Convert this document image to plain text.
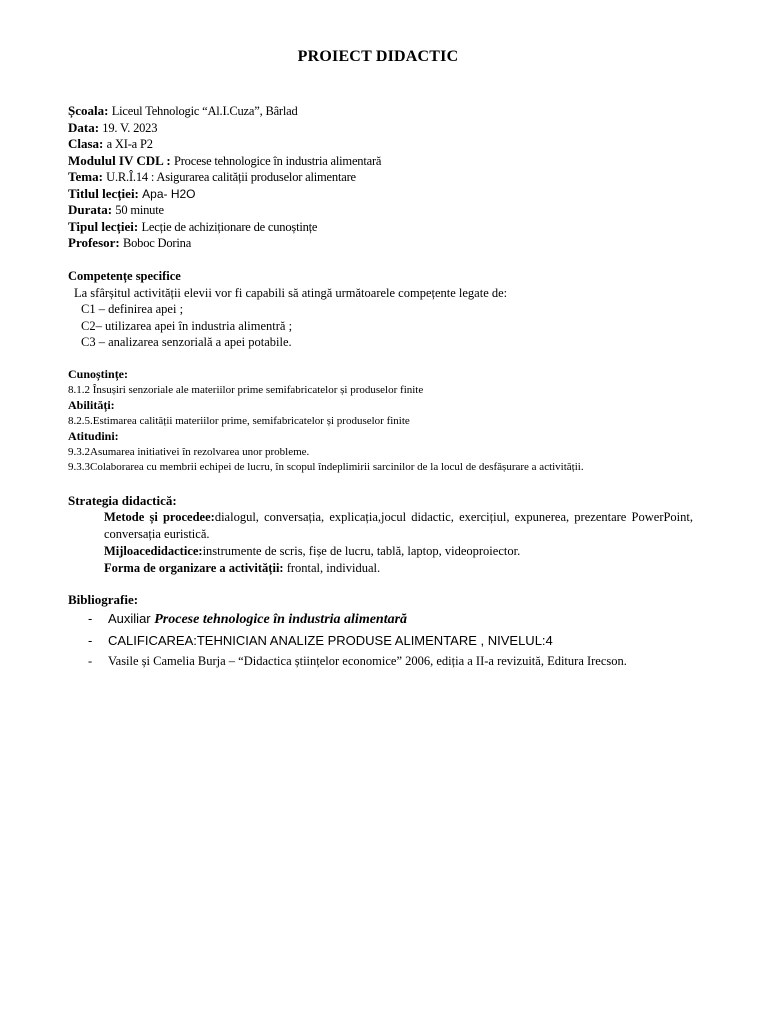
PROIECT DIDACTIC
Școala: Liceul Tehnologic “Al.I.Cuza”, Bârlad
Data: 19. V. 2023
Clasa: a XI-a P2
Modulul IV CDL : Procese tehnologice în industria alimentară
Tema: U.R.Î.14 : Asigurarea calității produselor alimentare
Titlul lecției: Apa- H2O
Durata: 50 minute
Tipul lecției: Lecție de achiziționare de cunoștințe
Profesor: Boboc Dorina
Competențe specifice
La sfârșitul activității elevii vor fi capabili să atingă următoarele compețente legate de:
C1 – definirea apei ;
C2– utilizarea apei în industria alimentră ;
C3 – analizarea senzorială a apei potabile.
Cunoștințe:
8.1.2 Însușiri senzoriale ale materiilor prime semifabricatelor și produselor finite
Abilități:
8.2.5.Estimarea calității materiilor prime, semifabricatelor și produselor finite
Atitudini:
9.3.2Asumarea initiativei în rezolvarea unor probleme.
9.3.3Colaborarea cu membrii echipei de lucru, în scopul îndeplimirii sarcinilor de la locul de desfășurare a activității.
Strategia didactică:
Metode și procedee:dialogul, conversația, explicația,jocul didactic, exercițiul, expunerea, prezentare PowerPoint, conversația euristică.
Mijloacedidactice:instrumente de scris, fișe de lucru, tablă, laptop, videoproiector.
Forma de organizare a activității: frontal, individual.
Bibliografie:
- Auxiliar Procese tehnologice în industria alimentară
- CALIFICAREA:TEHNICIAN ANALIZE PRODUSE ALIMENTARE , NIVELUL:4
- Vasile și Camelia Burja – “Didactica științelor economice” 2006, ediția a II-a revizuită, Editura Irecson.
